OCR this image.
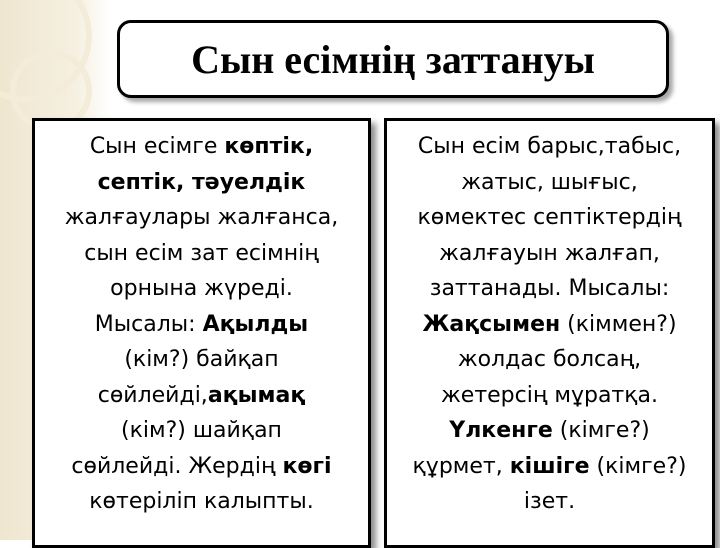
Сын есімнің заттануы
Сын есімге көптік,
септік, тәуелдік
жалғаулары жалғанса,
сын есім зат есімнің
орнына жүреді.
Мысалы: Ақылды
(кім?) байқап
сөйлейді,ақымақ
(кім?) шайқап
сөйлейді. Жердің көгі
көтеріліп калыпты.
Сын есім барыс,табыс,
жатыс, шығыс,
көмектес септіктердің
жалғауын жалғап,
заттанады. Мысалы:
Жақсымен (кіммен?)
жолдас болсаң,
жетерсің мұратқа.
Үлкенге (кімге?)
құрмет, кішіге (кімге?)
ізет.
